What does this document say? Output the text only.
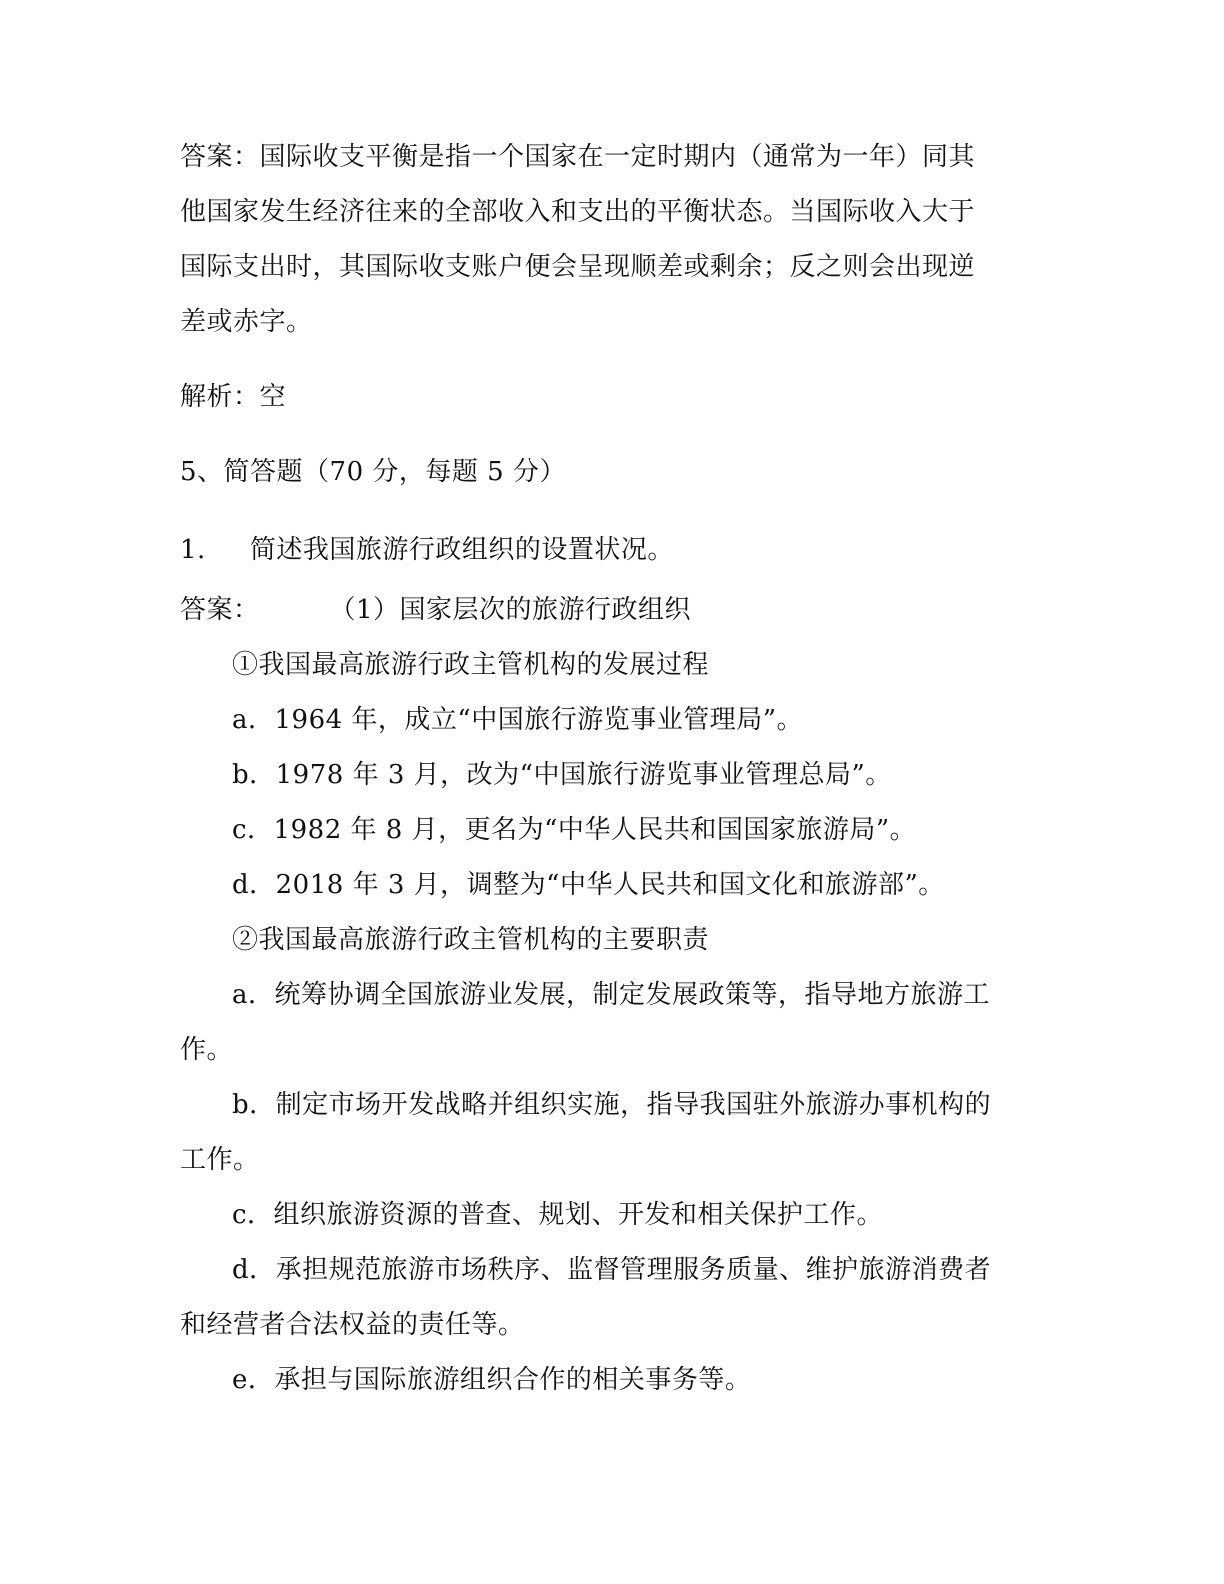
答案：国际收支平衡是指一个国家在一定时期内（通常为一年）同其
他国家发生经济往来的全部收入和支出的平衡状态。当国际收入大于
国际支出时，其国际收支账户便会呈现顺差或剩余；反之则会出现逆
差或赤字。
解析：空
5、简答题（70 分，每题 5 分）
1. 简述我国旅游行政组织的设置状况。
答案：	（1）国家层次的旅游行政组织
①我国最高旅游行政主管机构的发展过程
a．1964 年，成立“中国旅行游览事业管理局”。
b．1978 年 3 月，改为“中国旅行游览事业管理总局”。
c．1982 年 8 月，更名为“中华人民共和国国家旅游局”。
d．2018 年 3 月，调整为“中华人民共和国文化和旅游部”。
②我国最高旅游行政主管机构的主要职责
a．统筹协调全国旅游业发展，制定发展政策等，指导地方旅游工
作。
b．制定市场开发战略并组织实施，指导我国驻外旅游办事机构的
工作。
c．组织旅游资源的普查、规划、开发和相关保护工作。
d．承担规范旅游市场秩序、监督管理服务质量、维护旅游消费者
和经营者合法权益的责任等。
e．承担与国际旅游组织合作的相关事务等。
